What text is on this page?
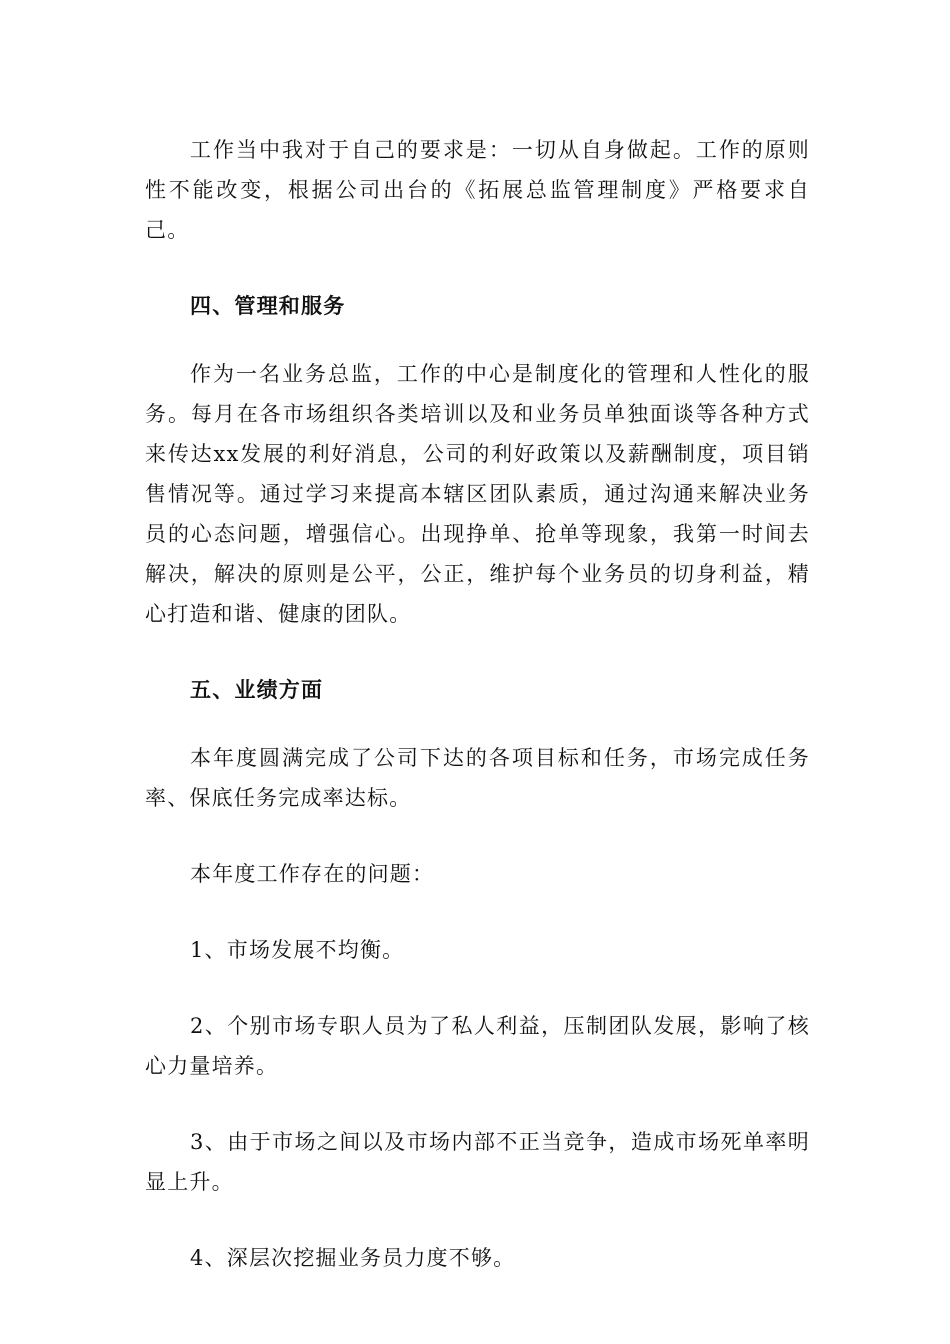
工作当中我对于自己的要求是：一切从自身做起。工作的原则性不能改变，根据公司出台的《拓展总监管理制度》严格要求自己。

四、管理和服务

作为一名业务总监，工作的中心是制度化的管理和人性化的服务。每月在各市场组织各类培训以及和业务员单独面谈等各种方式来传达xx发展的利好消息，公司的利好政策以及薪酬制度，项目销售情况等。通过学习来提高本辖区团队素质，通过沟通来解决业务员的心态问题，增强信心。出现挣单、抢单等现象，我第一时间去解决，解决的原则是公平，公正，维护每个业务员的切身利益，精心打造和谐、健康的团队。

五、业绩方面

本年度圆满完成了公司下达的各项目标和任务，市场完成任务率、保底任务完成率达标。

本年度工作存在的问题：

1、市场发展不均衡。

2、个别市场专职人员为了私人利益，压制团队发展，影响了核心力量培养。

3、由于市场之间以及市场内部不正当竞争，造成市场死单率明显上升。

4、深层次挖掘业务员力度不够。
